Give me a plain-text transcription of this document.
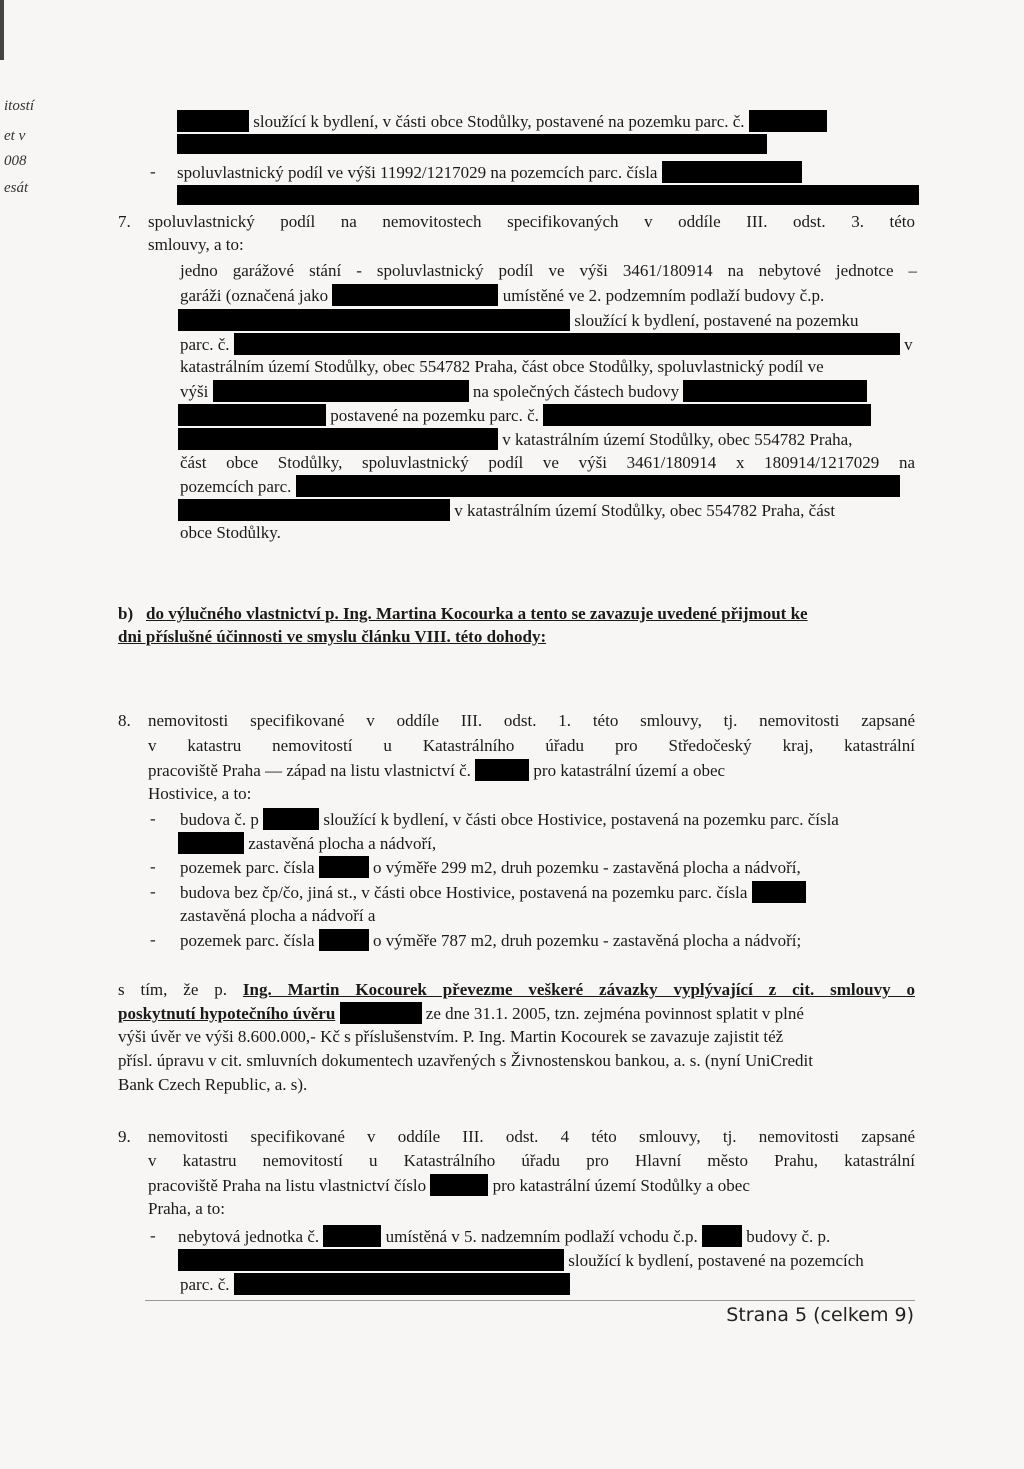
itostí
et v
008
esát
sloužící k bydlení, v části obce Stodůlky, postavené na pozemku parc. č.
- spoluvlastnický podíl ve výši 11992/1217029 na pozemcích parc. čísla
7. spoluvlastnický podíl na nemovitostech specifikovaných v oddíle III. odst. 3. této
smlouvy, a to:
jedno garážové stání - spoluvlastnický podíl ve výši 3461/180914 na nebytové jednotce –
garáži (označená jako	umístěné ve 2. podzemním podlaží budovy č.p.
sloužící k bydlení, postavené na pozemku
parc. č.	v
katastrálním území Stodůlky, obec 554782 Praha, část obce Stodůlky, spoluvlastnický podíl ve
výši	na společných částech budovy
postavené na pozemku parc. č.
v katastrálním území Stodůlky, obec 554782 Praha,
část obce Stodůlky, spoluvlastnický podíl ve výši 3461/180914 x 180914/1217029 na
pozemcích parc.
v katastrálním území Stodůlky, obec 554782 Praha, část
obce Stodůlky.
b) do výlučného vlastnictví p. Ing. Martina Kocourka a tento se zavazuje uvedené přijmout ke
dni příslušné účinnosti ve smyslu článku VIII. této dohody:
8. nemovitosti specifikované v oddíle III. odst. 1. této smlouvy, tj. nemovitosti zapsané
v katastru nemovitostí u Katastrálního úřadu pro Středočeský kraj, katastrální
pracoviště Praha — západ na listu vlastnictví č.	pro katastrální území a obec
Hostivice, a to:
- budova č. p	sloužící k bydlení, v části obce Hostivice, postavená na pozemku parc. čísla
zastavěná plocha a nádvoří,
- pozemek parc. čísla	o výměře 299 m2, druh pozemku - zastavěná plocha a nádvoří,
- budova bez čp/čo, jiná st., v části obce Hostivice, postavená na pozemku parc. čísla
zastavěná plocha a nádvoří a
- pozemek parc. čísla	o výměře 787 m2, druh pozemku - zastavěná plocha a nádvoří;
s tím, že p. Ing. Martin Kocourek převezme veškeré závazky vyplývající z cit. smlouvy o
poskytnutí hypotečního úvěru	ze dne 31.1. 2005, tzn. zejména povinnost splatit v plné
výši úvěr ve výši 8.600.000,- Kč s příslušenstvím. P. Ing. Martin Kocourek se zavazuje zajistit též
přísl. úpravu v cit. smluvních dokumentech uzavřených s Živnostenskou bankou, a. s. (nyní UniCredit
Bank Czech Republic, a. s).
9. nemovitosti specifikované v oddíle III. odst. 4 této smlouvy, tj. nemovitosti zapsané
v katastru nemovitostí u Katastrálního úřadu pro Hlavní město Prahu, katastrální
pracoviště Praha na listu vlastnictví číslo	pro katastrální území Stodůlky a obec
Praha, a to:
- nebytová jednotka č.	umístěná v 5. nadzemním podlaží vchodu č.p.	budovy č. p.
sloužící k bydlení, postavené na pozemcích
parc. č.
Strana 5 (celkem 9)
